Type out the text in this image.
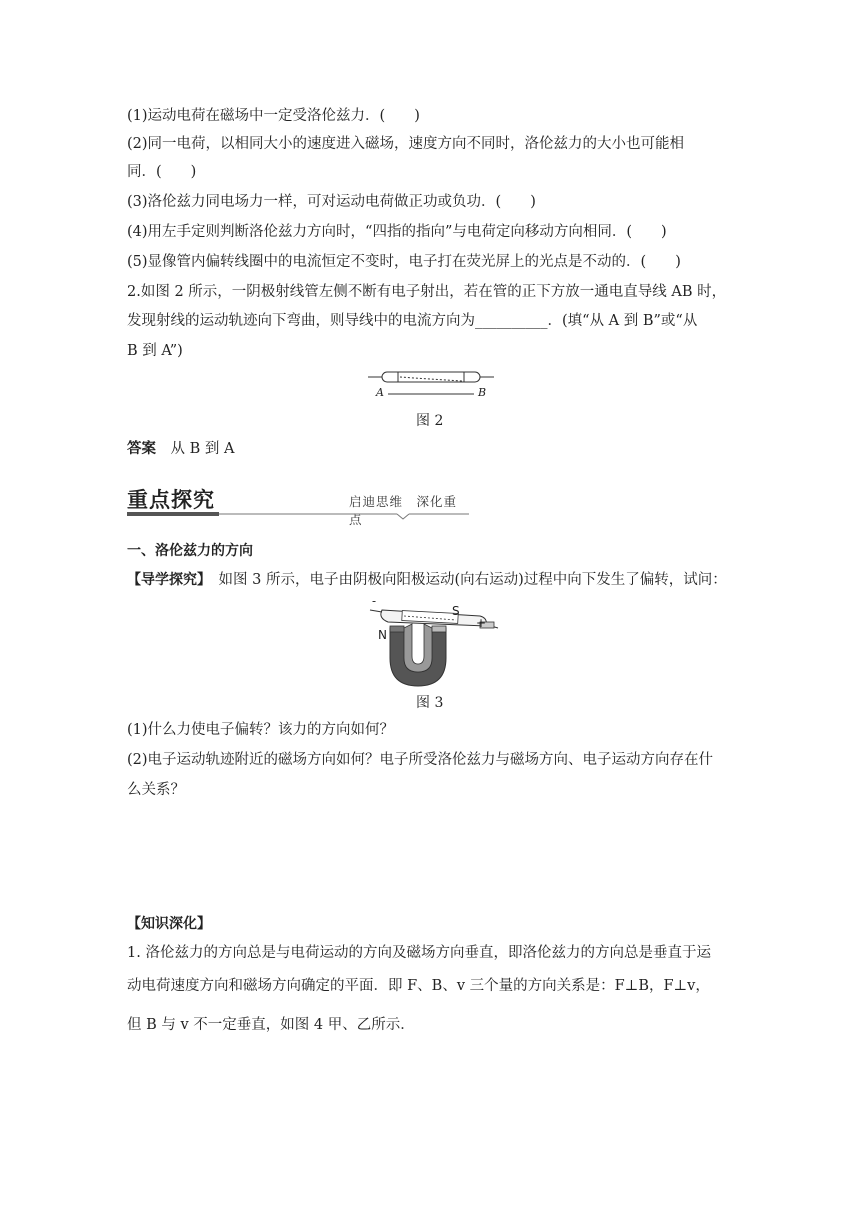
(1)运动电荷在磁场中一定受洛伦兹力．(　　)
(2)同一电荷，以相同大小的速度进入磁场，速度方向不同时，洛伦兹力的大小也可能相
同．(　　)
(3)洛伦兹力同电场力一样，可对运动电荷做正功或负功．(　　)
(4)用左手定则判断洛伦兹力方向时，“四指的指向”与电荷定向移动方向相同．(　　)
(5)显像管内偏转线圈中的电流恒定不变时，电子打在荧光屏上的光点是不动的．(　　)
2.如图 2 所示，一阴极射线管左侧不断有电子射出，若在管的正下方放一通电直导线 AB 时，
发现射线的运动轨迹向下弯曲，则导线中的电流方向为__________．(填“从 A 到 B”或“从
B 到 A”)
A	B
图 2
答案　 从 B 到 A
重点探究	启迪思维　深化重点
一、洛伦兹力的方向
【导学探究】　 如图 3 所示，电子由阴极向阳极运动(向右运动)过程中向下发生了偏转，试问：
-
S
+
N
图 3
(1)什么力使电子偏转？该力的方向如何？
(2)电子运动轨迹附近的磁场方向如何？电子所受洛伦兹力与磁场方向、电子运动方向存在什
么关系？
【知识深化】
1. 洛伦兹力的方向总是与电荷运动的方向及磁场方向垂直，即洛伦兹力的方向总是垂直于运
动电荷速度方向和磁场方向确定的平面．即 F、B、v 三个量的方向关系是：F⊥B，F⊥v，
但 B 与 v 不一定垂直，如图 4 甲、乙所示．
